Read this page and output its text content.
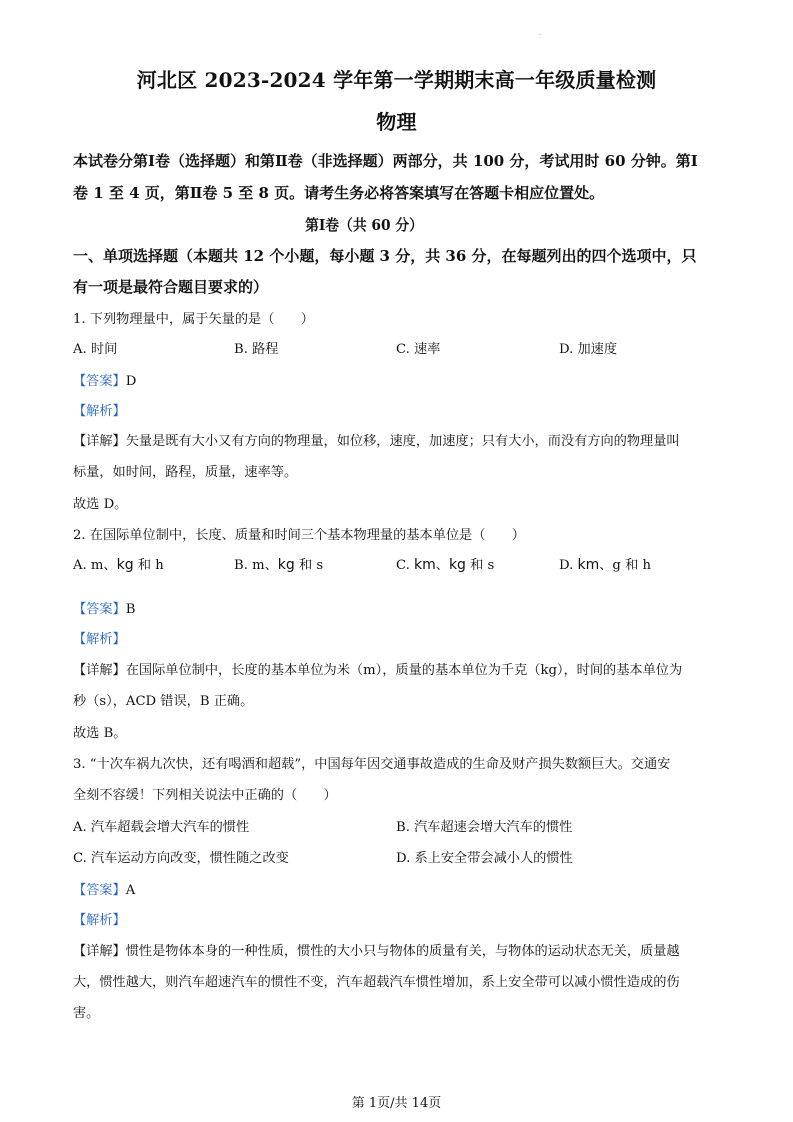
.
河北区 2023-2024 学年第一学期期末高一年级质量检测
物理
本试卷分第Ⅰ卷（选择题）和第Ⅱ卷（非选择题）两部分，共 100 分，考试用时 60 分钟。第Ⅰ
卷 1 至 4 页，第Ⅱ卷 5 至 8 页。请考生务必将答案填写在答题卡相应位置处。
第Ⅰ卷（共 60 分）
一、单项选择题（本题共 12 个小题，每小题 3 分，共 36 分，在每题列出的四个选项中，只
有一项是最符合题目要求的）
1. 下列物理量中，属于矢量的是（　　）
A. 时间	B. 路程	C. 速率	D. 加速度
【答案】D
【解析】
【详解】矢量是既有大小又有方向的物理量，如位移，速度，加速度；只有大小，而没有方向的物理量叫
标量，如时间，路程，质量，速率等。
故选 D。
2. 在国际单位制中，长度、质量和时间三个基本物理量的基本单位是（　　）
A. m、kg 和 h	B. m、kg 和 s	C. km、kg 和 s	D. km、g 和 h
【答案】B
【解析】
【详解】在国际单位制中，长度的基本单位为米（m），质量的基本单位为千克（kg），时间的基本单位为
秒（s），ACD 错误，B 正确。
故选 B。
3. “十次车祸九次快，还有喝酒和超载”，中国每年因交通事故造成的生命及财产损失数额巨大。交通安
全刻不容缓！下列相关说法中正确的（　　）
A. 汽车超载会增大汽车的惯性	B. 汽车超速会增大汽车的惯性
C. 汽车运动方向改变，惯性随之改变	D. 系上安全带会减小人的惯性
【答案】A
【解析】
【详解】惯性是物体本身的一种性质，惯性的大小只与物体的质量有关，与物体的运动状态无关，质量越
大，惯性越大，则汽车超速汽车的惯性不变，汽车超载汽车惯性增加，系上安全带可以减小惯性造成的伤
害。
第 1页/共 14页
